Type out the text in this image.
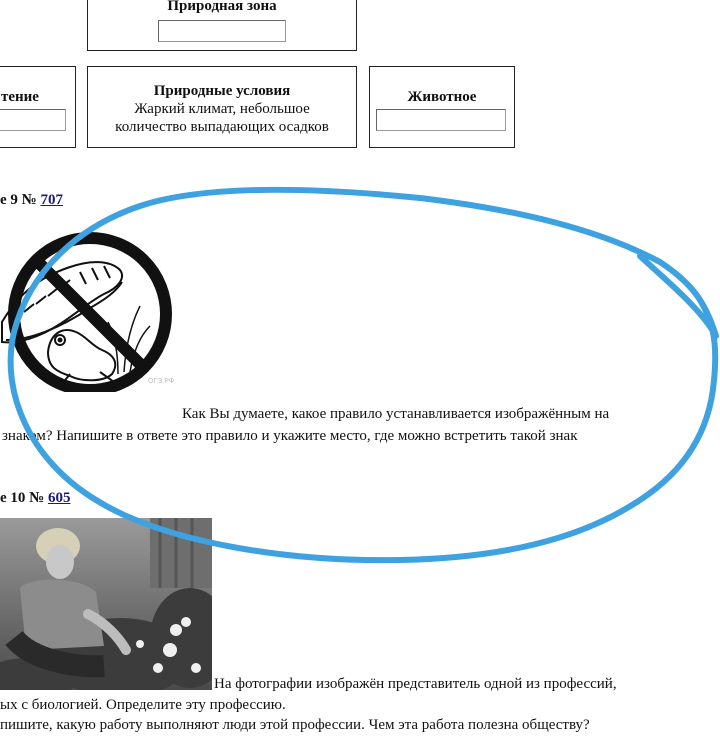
Природная зона
тение	Природные условия
Жаркий климат, небольшое
количество выпадающих осадков
Животное
е 9 № 707
ОГЭ.РФ
Как Вы думаете, какое правило устанавливается изображённым на
знаком? Напишите в ответе это правило и укажите место, где можно встретить такой знак
е 10 № 605
На фотографии изображён представитель одной из профессий,
ых с биологией. Определите эту профессию.
пишите, какую работу выполняют люди этой профессии. Чем эта работа полезна обществу?
